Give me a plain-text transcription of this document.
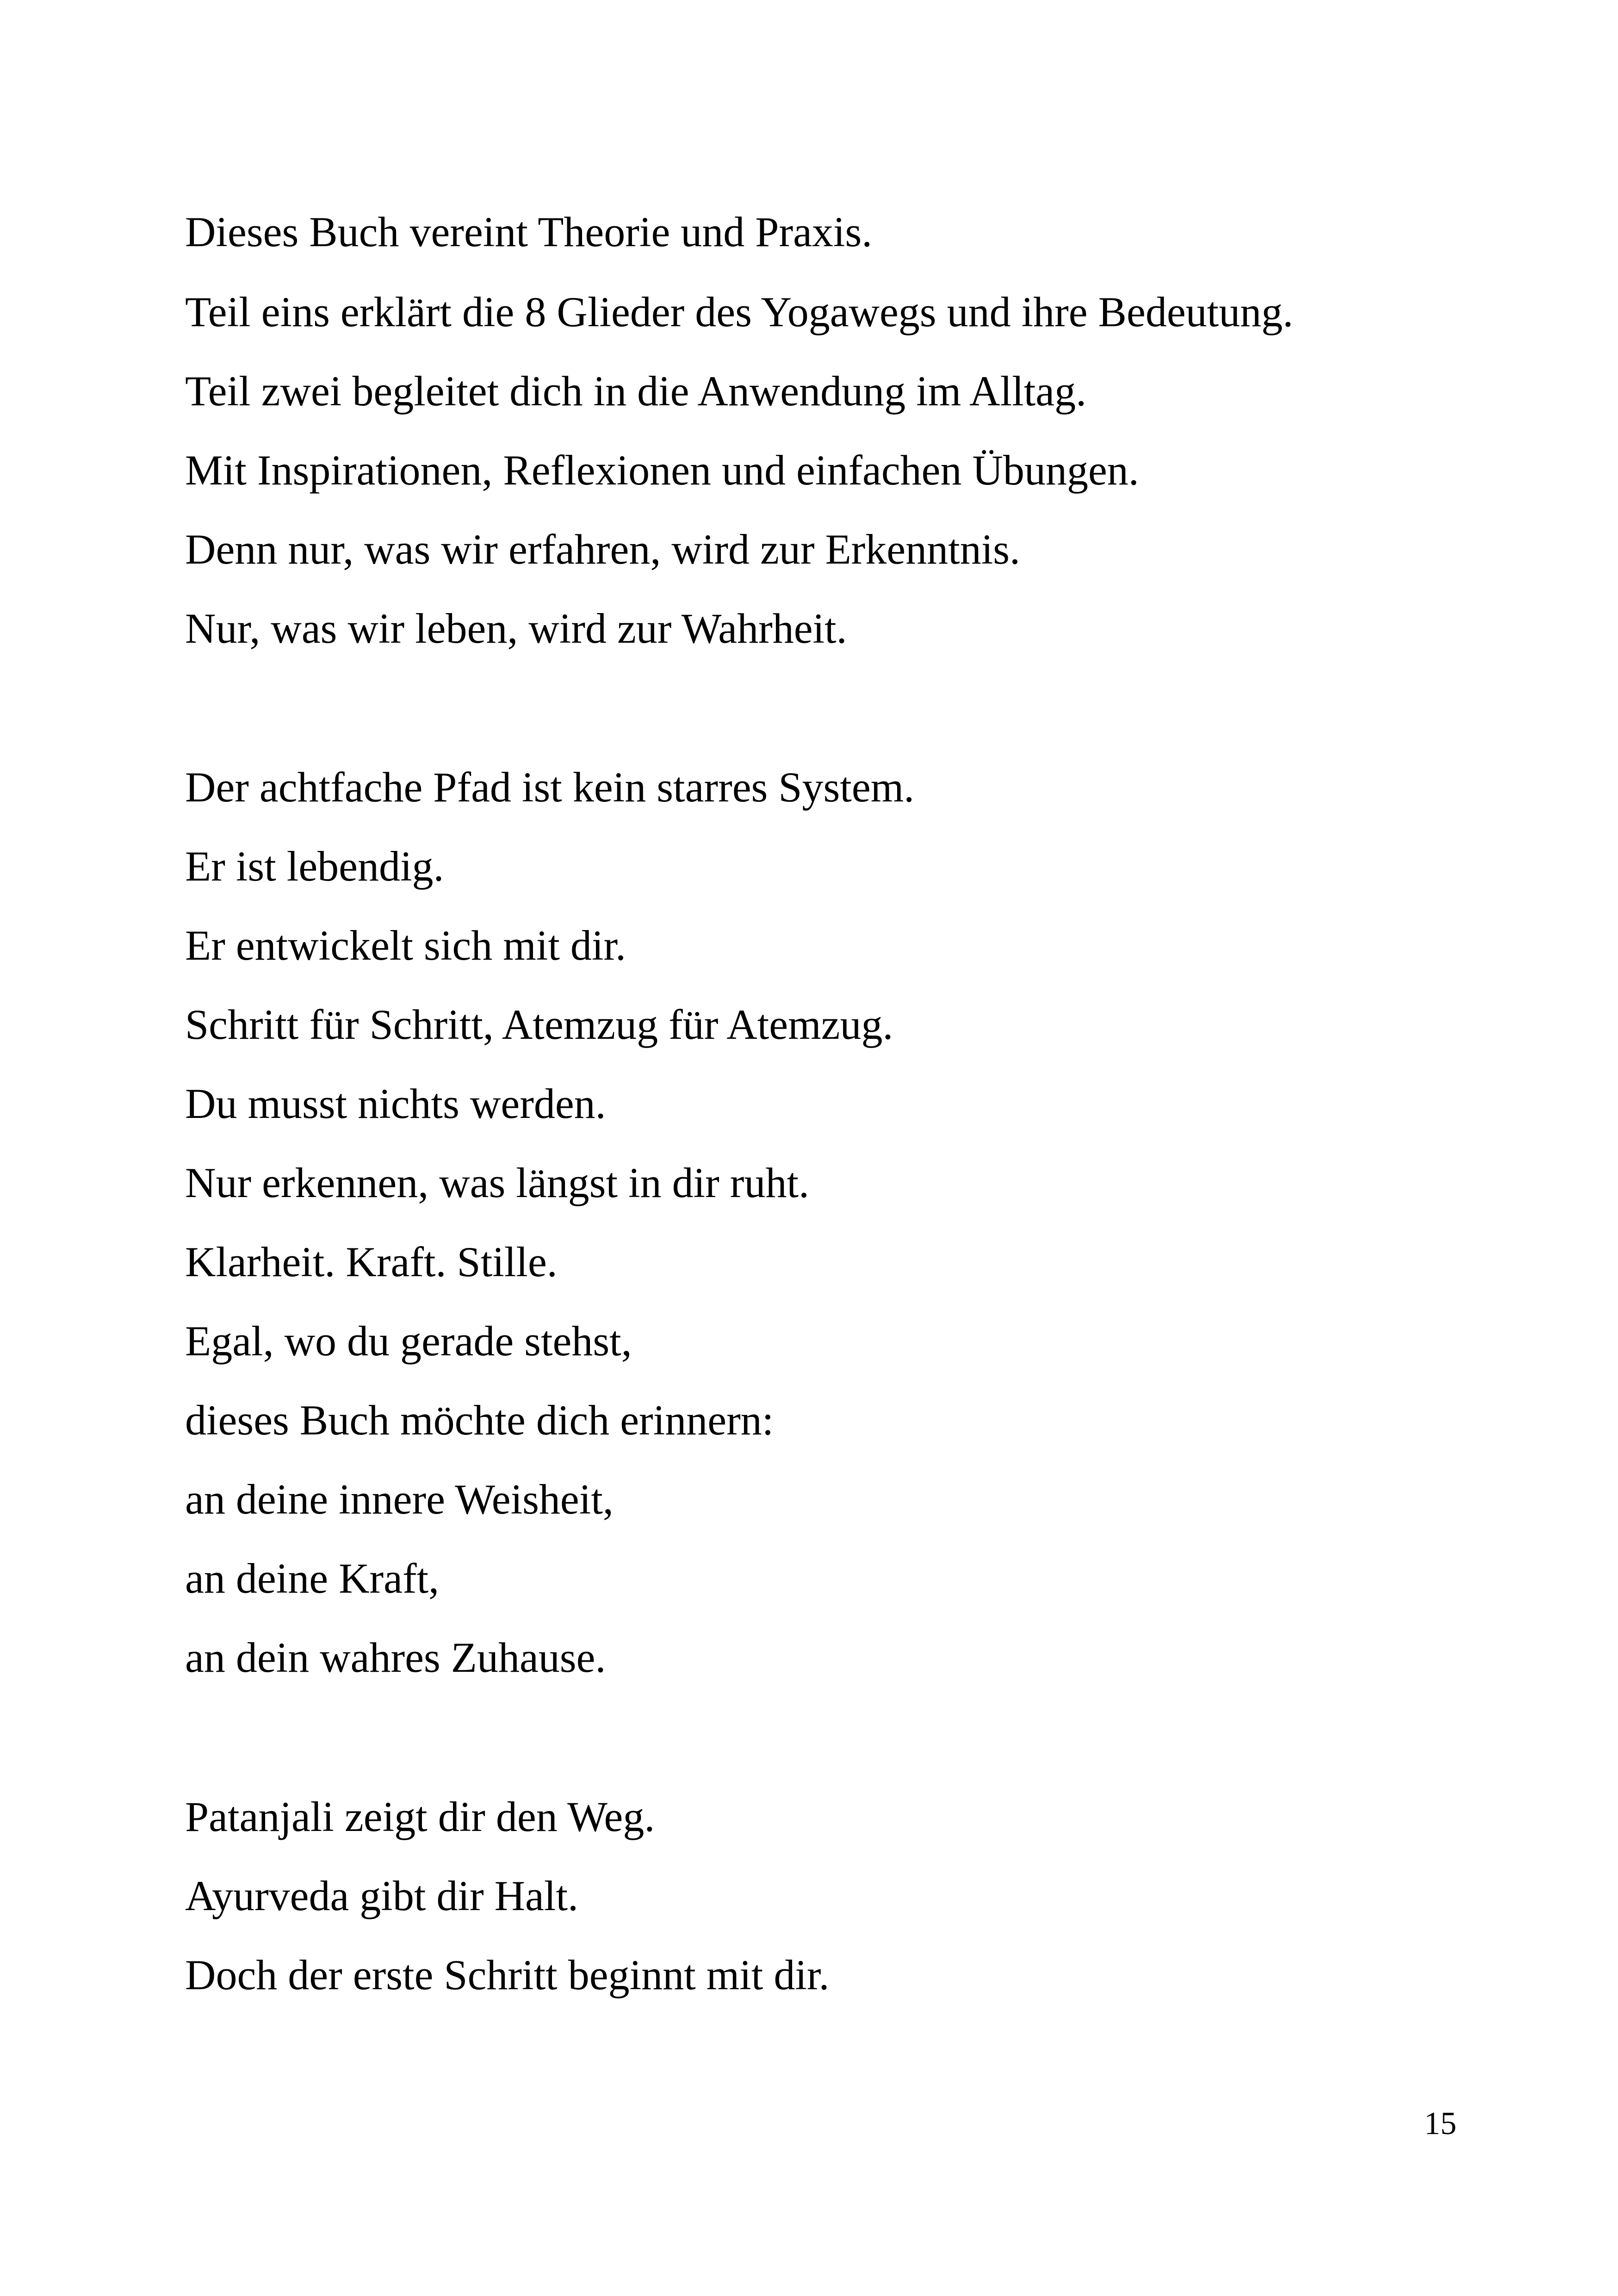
Dieses Buch vereint Theorie und Praxis.
Teil eins erklärt die 8 Glieder des Yogawegs und ihre Bedeutung.
Teil zwei begleitet dich in die Anwendung im Alltag.
Mit Inspirationen, Reflexionen und einfachen Übungen.
Denn nur, was wir erfahren, wird zur Erkenntnis.
Nur, was wir leben, wird zur Wahrheit.
Der achtfache Pfad ist kein starres System.
Er ist lebendig.
Er entwickelt sich mit dir.
Schritt für Schritt, Atemzug für Atemzug.
Du musst nichts werden.
Nur erkennen, was längst in dir ruht.
Klarheit. Kraft. Stille.
Egal, wo du gerade stehst,
dieses Buch möchte dich erinnern:
an deine innere Weisheit,
an deine Kraft,
an dein wahres Zuhause.
Patanjali zeigt dir den Weg.
Ayurveda gibt dir Halt.
Doch der erste Schritt beginnt mit dir.
15
